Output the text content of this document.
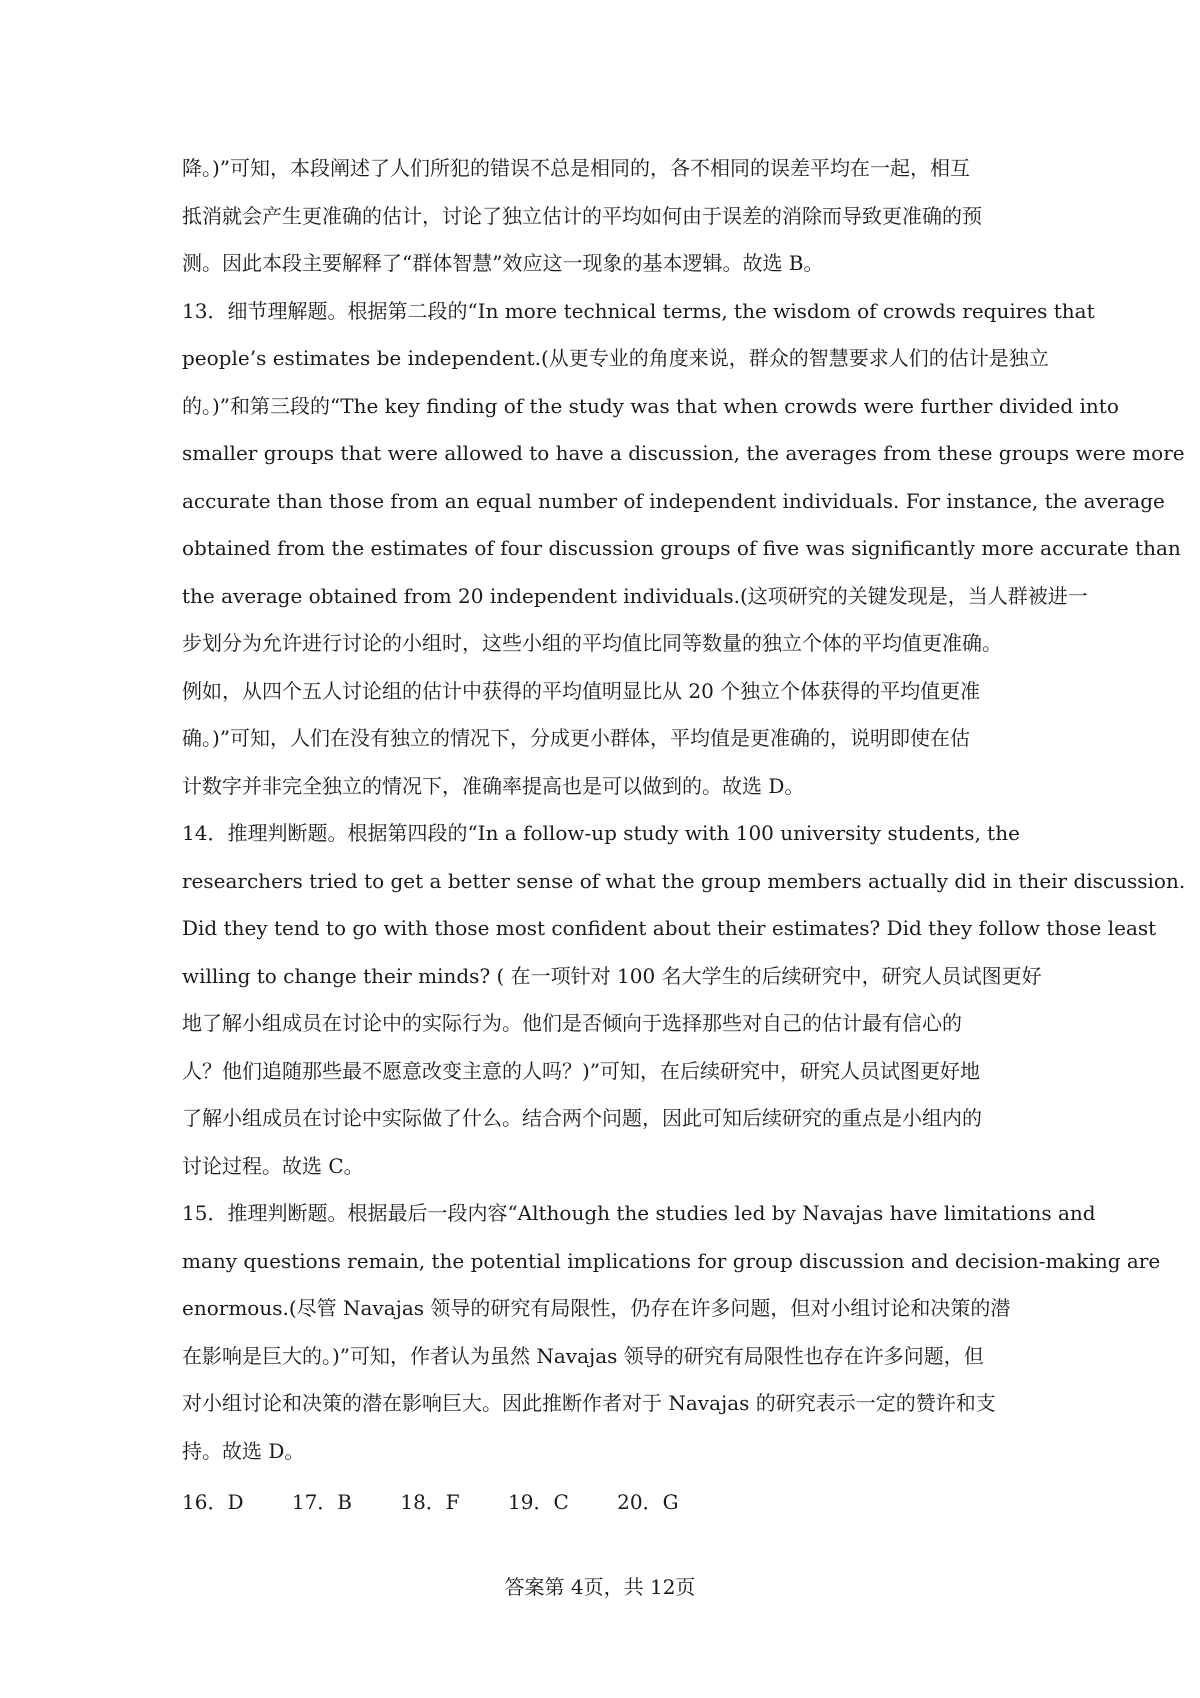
降。)”可知，本段阐述了人们所犯的错误不总是相同的，各不相同的误差平均在一起，相互
抵消就会产生更准确的估计，讨论了独立估计的平均如何由于误差的消除而导致更准确的预
测。因此本段主要解释了“群体智慧”效应这一现象的基本逻辑。故选 B。
13．细节理解题。根据第二段的“In more technical terms, the wisdom of crowds requires that
people’s estimates be independent.(从更专业的角度来说，群众的智慧要求人们的估计是独立
的。)”和第三段的“The key finding of the study was that when crowds were further divided into
smaller groups that were allowed to have a discussion, the averages from these groups were more
accurate than those from an equal number of independent individuals. For instance, the average
obtained from the estimates of four discussion groups of five was significantly more accurate than
the average obtained from 20 independent individuals.(这项研究的关键发现是，当人群被进一
步划分为允许进行讨论的小组时，这些小组的平均值比同等数量的独立个体的平均值更准确。
例如，从四个五人讨论组的估计中获得的平均值明显比从 20 个独立个体获得的平均值更准
确。)”可知，人们在没有独立的情况下，分成更小群体，平均值是更准确的，说明即使在估
计数字并非完全独立的情况下，准确率提高也是可以做到的。故选 D。
14．推理判断题。根据第四段的“In a follow-up study with 100 university students, the
researchers tried to get a better sense of what the group members actually did in their discussion.
Did they tend to go with those most confident about their estimates? Did they follow those least
willing to change their minds? ( 在一项针对 100 名大学生的后续研究中，研究人员试图更好
地了解小组成员在讨论中的实际行为。他们是否倾向于选择那些对自己的估计最有信心的
人？他们追随那些最不愿意改变主意的人吗？)”可知，在后续研究中，研究人员试图更好地
了解小组成员在讨论中实际做了什么。结合两个问题，因此可知后续研究的重点是小组内的
讨论过程。故选 C。
15．推理判断题。根据最后一段内容“Although the studies led by Navajas have limitations and
many questions remain, the potential implications for group discussion and decision-making are
enormous.(尽管 Navajas 领导的研究有局限性，仍存在许多问题，但对小组讨论和决策的潜
在影响是巨大的。)”可知，作者认为虽然 Navajas 领导的研究有局限性也存在许多问题，但
对小组讨论和决策的潜在影响巨大。因此推断作者对于 Navajas 的研究表示一定的赞许和支
持。故选 D。
16．D 17．B 18．F 19．C 20．G
答案第 4页，共 12页
